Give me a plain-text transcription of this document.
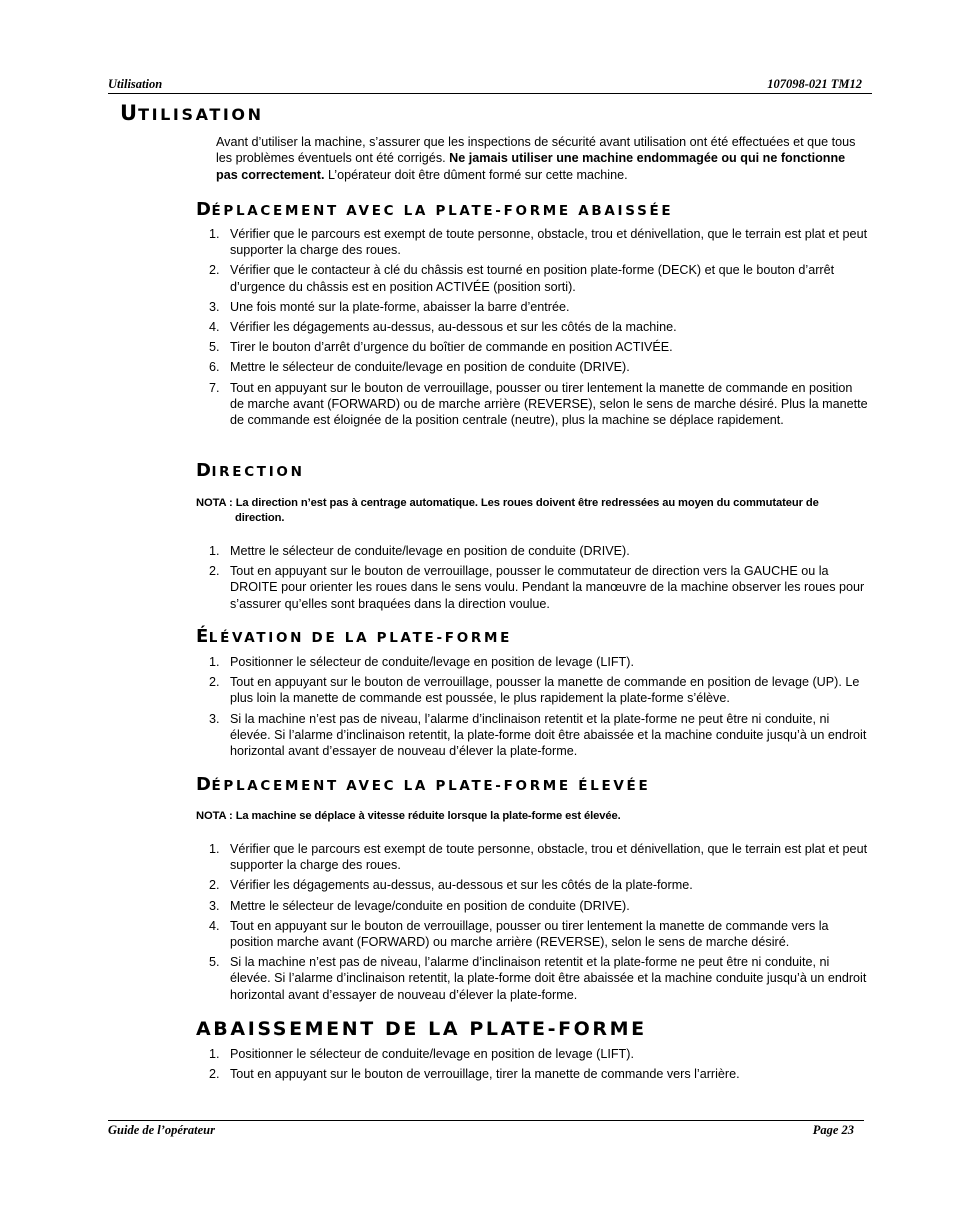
Utilisation	107098-021 TM12
UTILISATION
Avant d’utiliser la machine, s’assurer que les inspections de sécurité avant utilisation ont été effectuées et que tous les problèmes éventuels ont été corrigés. Ne jamais utiliser une machine endommagée ou qui ne fonctionne pas correctement. L’opérateur doit être dûment formé sur cette machine.
DÉPLACEMENT AVEC LA PLATE-FORME ABAISSÉE
1. Vérifier que le parcours est exempt de toute personne, obstacle, trou et dénivellation, que le terrain est plat et peut supporter la charge des roues.
2. Vérifier que le contacteur à clé du châssis est tourné en position plate-forme (DECK) et que le bouton d’arrêt d’urgence du châssis est en position ACTIVÉE (position sorti).
3. Une fois monté sur la plate-forme, abaisser la barre d’entrée.
4. Vérifier les dégagements au-dessus, au-dessous et sur les côtés de la machine.
5. Tirer le bouton d’arrêt d’urgence du boîtier de commande en position ACTIVÉE.
6. Mettre le sélecteur de conduite/levage en position de conduite (DRIVE).
7. Tout en appuyant sur le bouton de verrouillage, pousser ou tirer lentement la manette de commande en position de marche avant (FORWARD) ou de marche arrière (REVERSE), selon le sens de marche désiré. Plus la manette de commande est éloignée de la position centrale (neutre), plus la machine se déplace rapidement.
DIRECTION
NOTA : La direction n’est pas à centrage automatique. Les roues doivent être redressées au moyen du commutateur de
direction.
1. Mettre le sélecteur de conduite/levage en position de conduite (DRIVE).
2. Tout en appuyant sur le bouton de verrouillage, pousser le commutateur de direction vers la GAUCHE ou la DROITE pour orienter les roues dans le sens voulu. Pendant la manœuvre de la machine observer les roues pour s’assurer qu’elles sont braquées dans la direction voulue.
ÉLÉVATION DE LA PLATE-FORME
1. Positionner le sélecteur de conduite/levage en position de levage (LIFT).
2. Tout en appuyant sur le bouton de verrouillage, pousser la manette de commande en position de levage (UP). Le plus loin la manette de commande est poussée, le plus rapidement la plate-forme s’élève.
3. Si la machine n’est pas de niveau, l’alarme d’inclinaison retentit et la plate-forme ne peut être ni conduite, ni élevée. Si l’alarme d’inclinaison retentit, la plate-forme doit être abaissée et la machine conduite jusqu’à un endroit horizontal avant d’essayer de nouveau d’élever la plate-forme.
DÉPLACEMENT AVEC LA PLATE-FORME ÉLEVÉE
NOTA : La machine se déplace à vitesse réduite lorsque la plate-forme est élevée.
1. Vérifier que le parcours est exempt de toute personne, obstacle, trou et dénivellation, que le terrain est plat et peut supporter la charge des roues.
2. Vérifier les dégagements au-dessus, au-dessous et sur les côtés de la plate-forme.
3. Mettre le sélecteur de levage/conduite en position de conduite (DRIVE).
4. Tout en appuyant sur le bouton de verrouillage, pousser ou tirer lentement la manette de commande vers la position marche avant (FORWARD) ou marche arrière (REVERSE), selon le sens de marche désiré.
5. Si la machine n’est pas de niveau, l’alarme d’inclinaison retentit et la plate-forme ne peut être ni conduite, ni élevée. Si l’alarme d’inclinaison retentit, la plate-forme doit être abaissée et la machine conduite jusqu’à un endroit horizontal avant d’essayer de nouveau d’élever la plate-forme.
ABAISSEMENT DE LA PLATE-FORME
1. Positionner le sélecteur de conduite/levage en position de levage (LIFT).
2. Tout en appuyant sur le bouton de verrouillage, tirer la manette de commande vers l’arrière.
Guide de l’opérateur	Page 23
